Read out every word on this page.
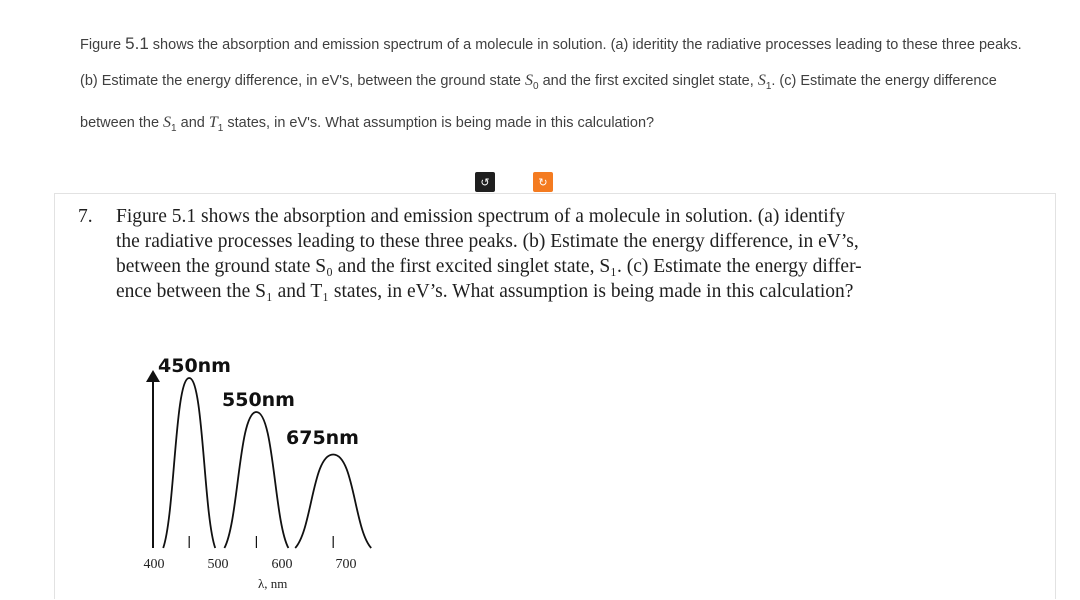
Figure 5.1 shows the absorption and emission spectrum of a molecule in solution. (a) ideritity the radiative processes leading to these three peaks. (b) Estimate the energy difference, in eV's, between the ground state $S_0$ and the first excited singlet state, $S_1$. (c) Estimate the energy difference between the $S_1$ and $T_1$ states, in eV's. What assumption is being made in this calculation?
↺	↻
7. Figure 5.1 shows the absorption and emission spectrum of a molecule in solution. (a) identify
the radiative processes leading to these three peaks. (b) Estimate the energy difference, in eV’s,
between the ground state S₀ and the first excited singlet state, S₁. (c) Estimate the energy differ-
ence between the S₁ and T₁ states, in eV’s. What assumption is being made in this calculation?
400	500	600	700
λ, nm
450nm
550nm
675nm
